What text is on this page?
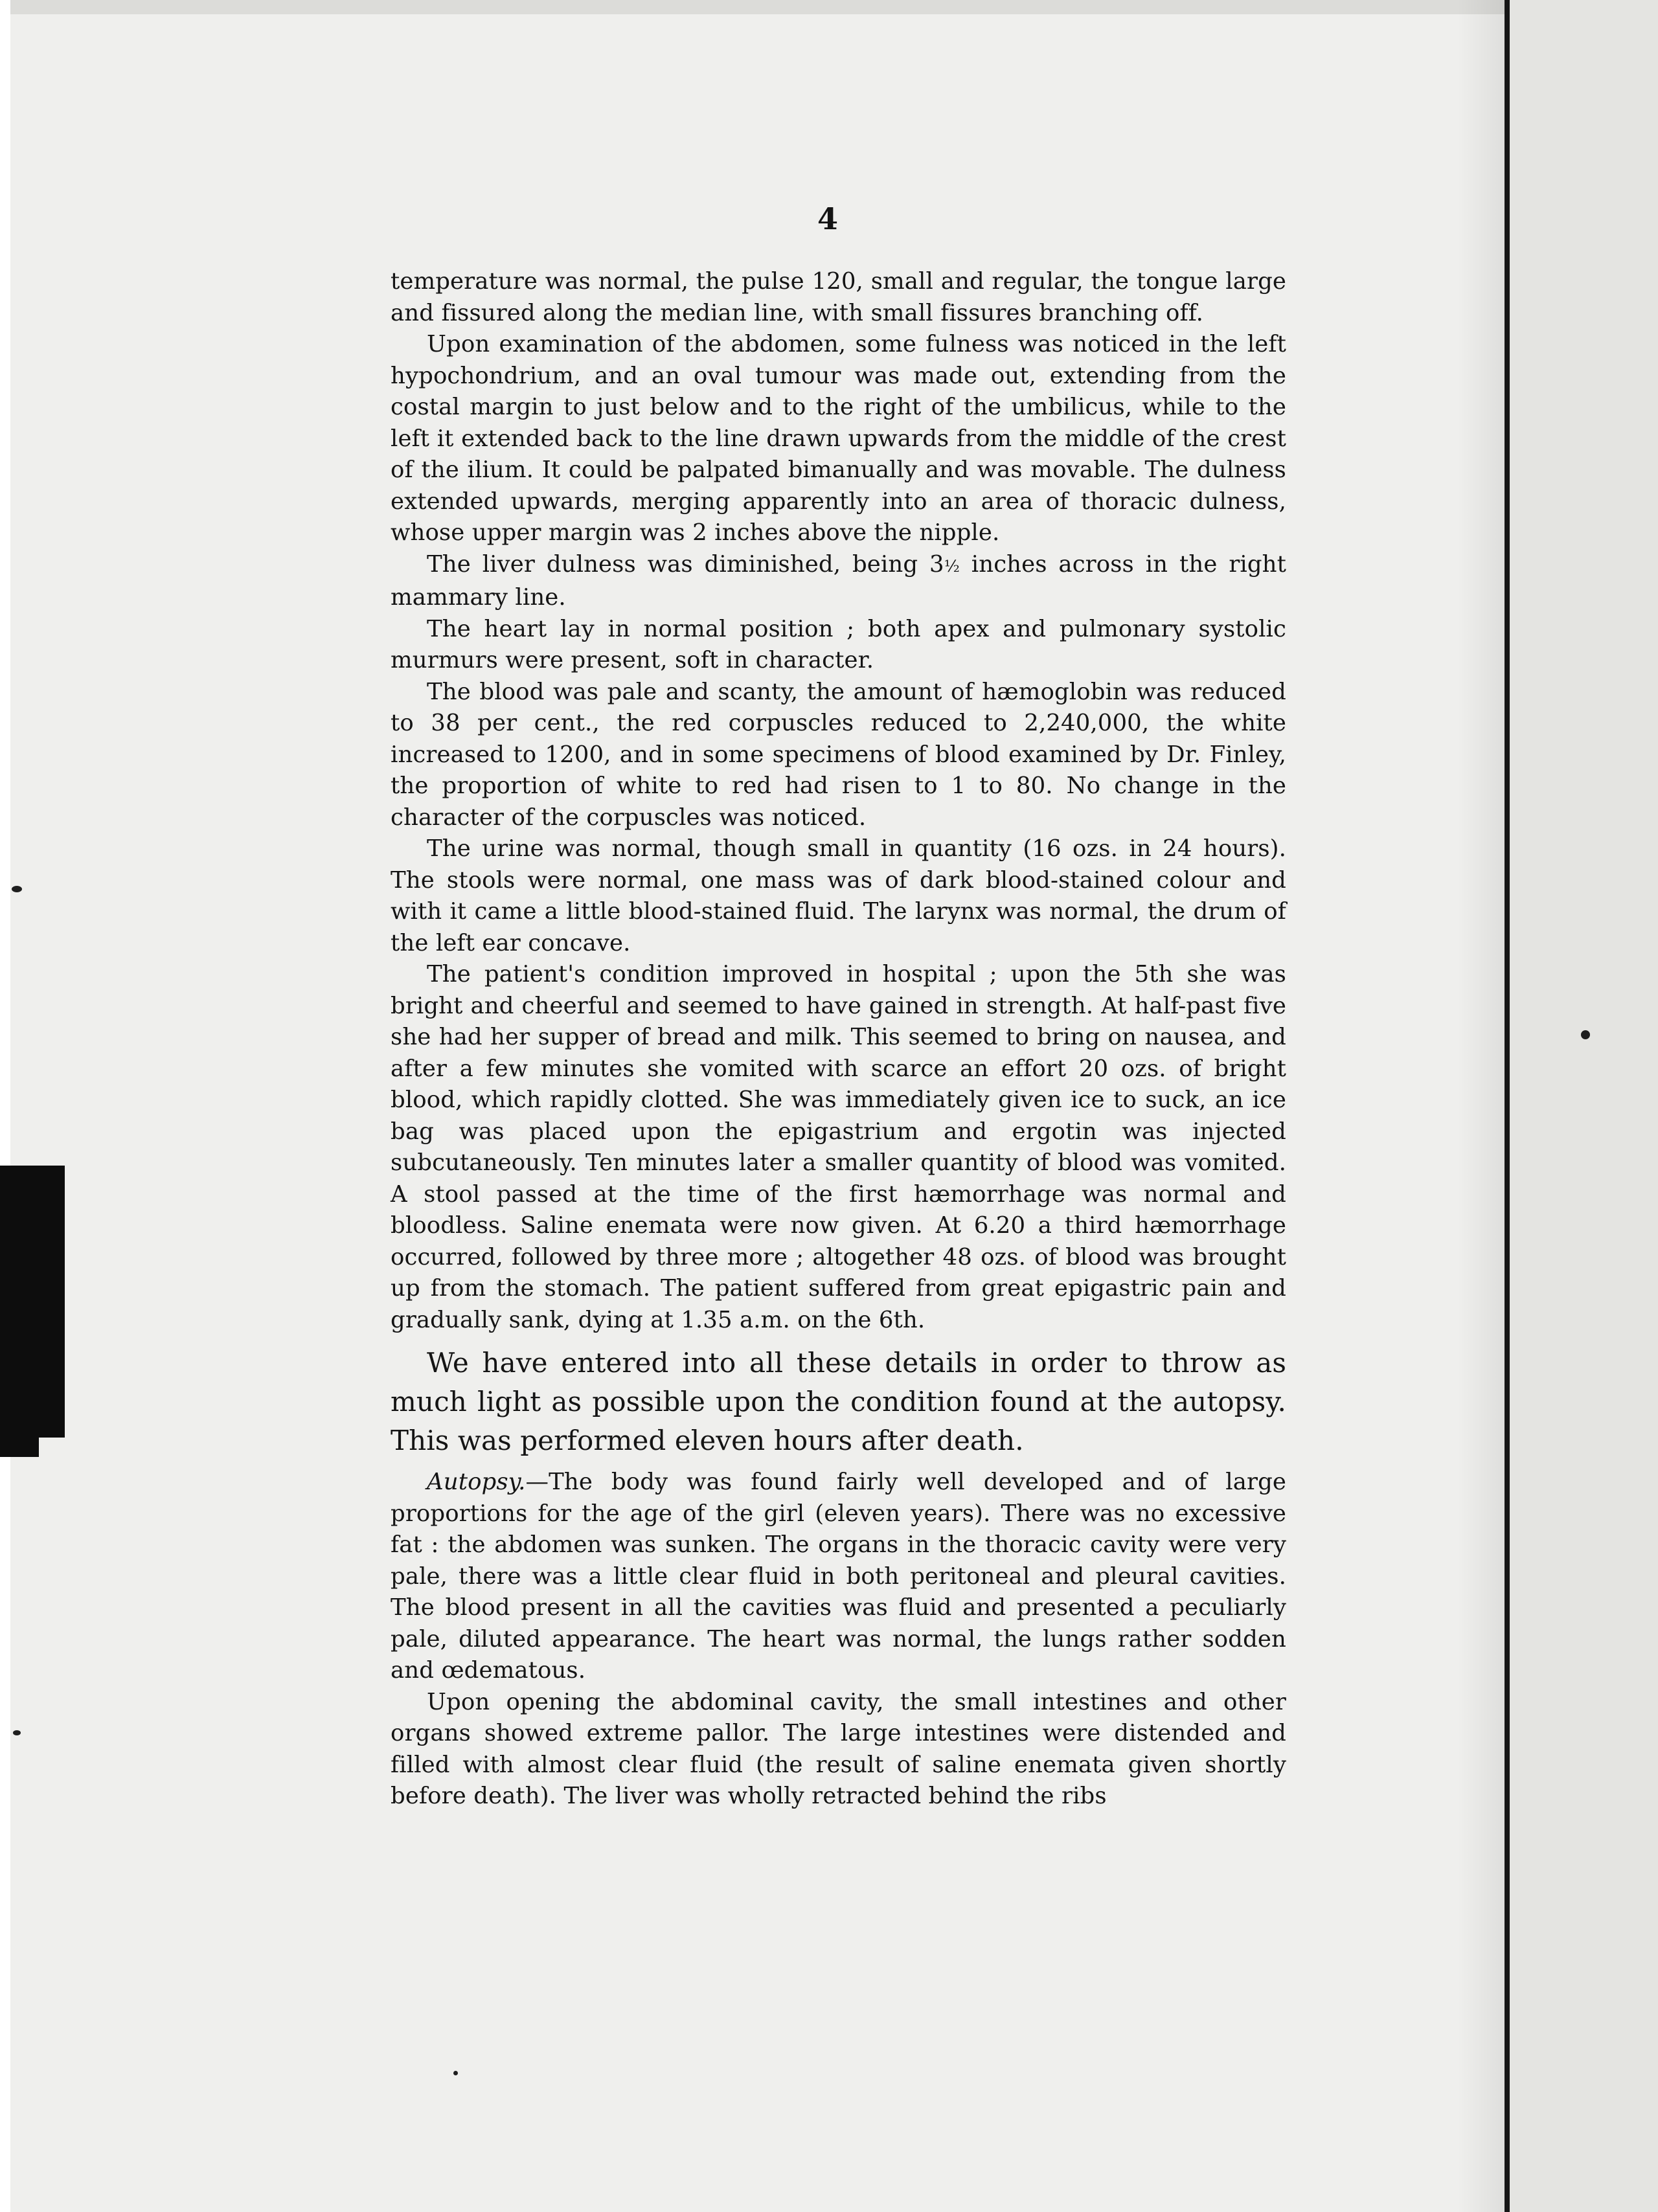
4

temperature was normal, the pulse 120, small and regular, the tongue large and fissured along the median line, with small fissures branching off.

Upon examination of the abdomen, some fulness was noticed in the left hypochondrium, and an oval tumour was made out, extending from the costal margin to just below and to the right of the umbilicus, while to the left it extended back to the line drawn upwards from the middle of the crest of the ilium. It could be palpated bimanually and was movable. The dulness extended upwards, merging apparently into an area of thoracic dulness, whose upper margin was 2 inches above the nipple.

The liver dulness was diminished, being 3½ inches across in the right mammary line.

The heart lay in normal position ; both apex and pulmonary systolic murmurs were present, soft in character.

The blood was pale and scanty, the amount of hæmoglobin was reduced to 38 per cent., the red corpuscles reduced to 2,240,000, the white increased to 1200, and in some specimens of blood examined by Dr. Finley, the proportion of white to red had risen to 1 to 80. No change in the character of the corpuscles was noticed.

The urine was normal, though small in quantity (16 ozs. in 24 hours). The stools were normal, one mass was of dark blood-stained colour and with it came a little blood-stained fluid. The larynx was normal, the drum of the left ear concave.

The patient's condition improved in hospital ; upon the 5th she was bright and cheerful and seemed to have gained in strength. At half-past five she had her supper of bread and milk. This seemed to bring on nausea, and after a few minutes she vomited with scarce an effort 20 ozs. of bright blood, which rapidly clotted. She was immediately given ice to suck, an ice bag was placed upon the epigastrium and ergotin was injected subcutaneously. Ten minutes later a smaller quantity of blood was vomited. A stool passed at the time of the first hæmorrhage was normal and bloodless. Saline enemata were now given. At 6.20 a third hæmorrhage occurred, followed by three more ; altogether 48 ozs. of blood was brought up from the stomach. The patient suffered from great epigastric pain and gradually sank, dying at 1.35 a.m. on the 6th.

We have entered into all these details in order to throw as much light as possible upon the condition found at the autopsy. This was performed eleven hours after death.

Autopsy.—The body was found fairly well developed and of large proportions for the age of the girl (eleven years). There was no excessive fat : the abdomen was sunken. The organs in the thoracic cavity were very pale, there was a little clear fluid in both peritoneal and pleural cavities. The blood present in all the cavities was fluid and presented a peculiarly pale, diluted appearance. The heart was normal, the lungs rather sodden and œdematous.

Upon opening the abdominal cavity, the small intestines and other organs showed extreme pallor. The large intestines were distended and filled with almost clear fluid (the result of saline enemata given shortly before death). The liver was wholly retracted behind the ribs
